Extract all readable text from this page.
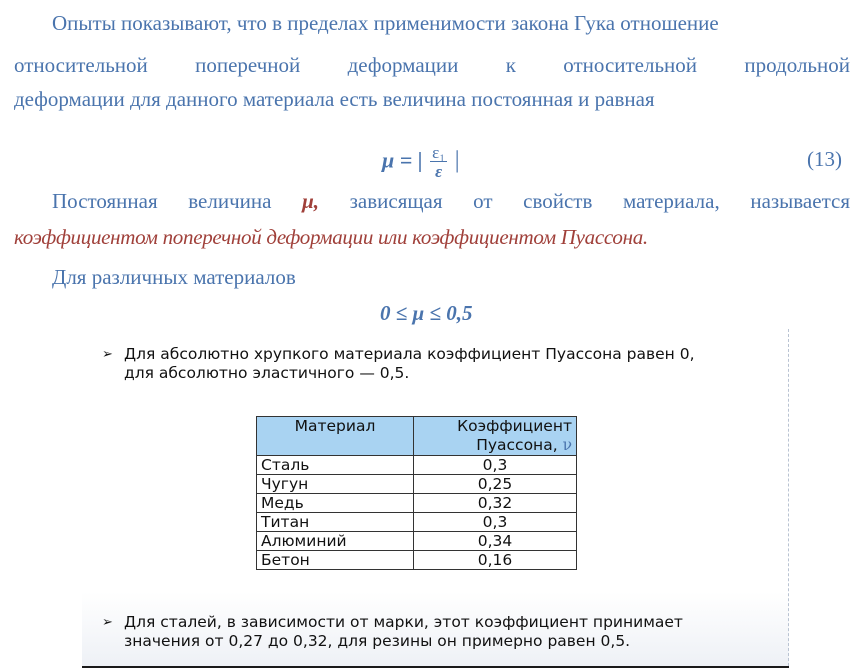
Опыты показывают, что в пределах применимости закона Гука отношение

относительной поперечной деформации к относительной продольной

деформации для данного материала есть величина постоянная и равная

μ = | $\frac{\text{ε₁}}{\varepsilon}$ |	(13)
Постоянная величина μ, зависящая от свойств материала, называется

коэффициентом поперечной деформации или коэффициентом Пуассона.

Для различных материалов

0 ≤ μ ≤ 0,5

➢ Для абсолютно хрупкого материала коэффициент Пуассона равен 0,
для абсолютно эластичного — 0,5.
Материал	Коэффициент
Пуассона, ν
Сталь	0,3
Чугун	0,25
Медь	0,32
Титан	0,3
Алюминий	0,34
Бетон	0,16
➢ Для сталей, в зависимости от марки, этот коэффициент принимает
значения от 0,27 до 0,32, для резины он примерно равен 0,5.
